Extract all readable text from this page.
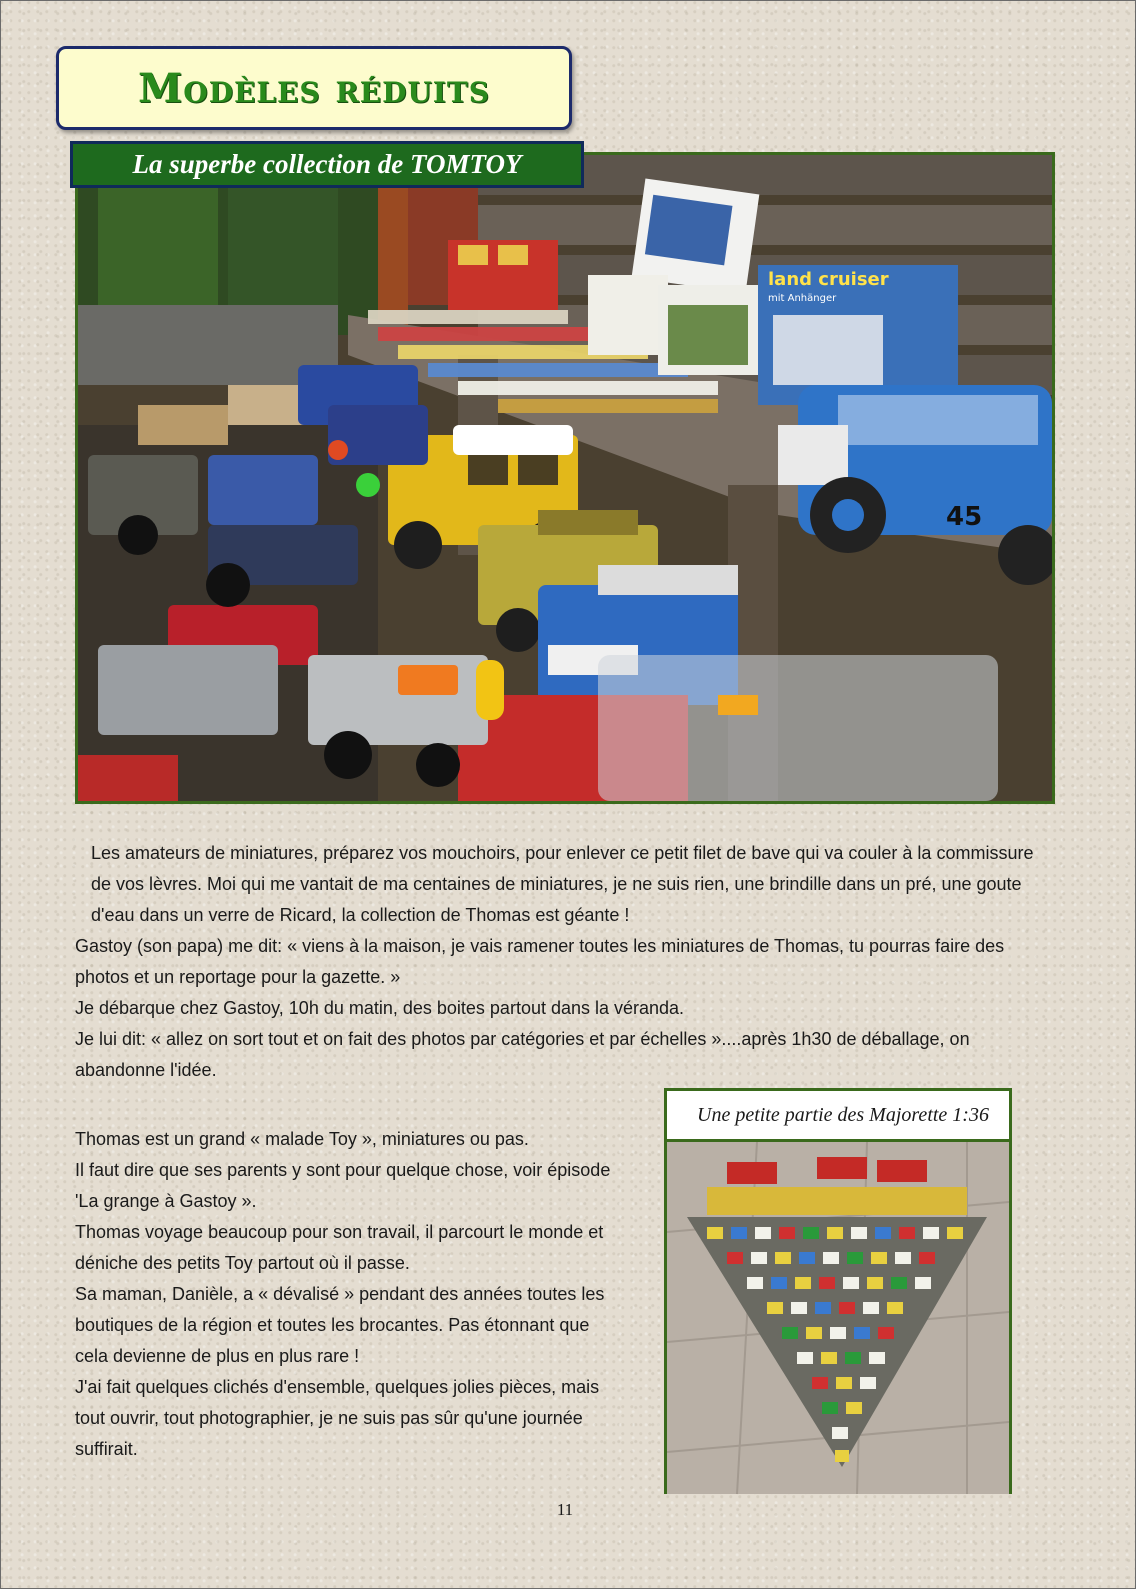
Modèles réduits
La superbe collection de TOMTOY
land cruiser
mit Anhänger
45

Les amateurs de miniatures, préparez vos mouchoirs, pour enlever ce petit filet de bave qui va couler à la commissure de vos lèvres. Moi qui me vantait de ma centaines de miniatures, je ne suis rien, une brindille dans un pré, une goute d'eau dans un verre de Ricard, la collection de Thomas est géante !

Gastoy (son papa) me dit: « viens à la maison, je vais ramener toutes les miniatures de Thomas, tu pourras faire des photos et un reportage pour la gazette. »

Je débarque chez Gastoy, 10h du matin, des boites partout dans la véranda.

Je lui dit: « allez on sort tout et on fait des photos par catégories et par échelles »....après 1h30 de déballage, on abandonne l'idée.

Thomas est un grand « malade Toy », miniatures ou pas.

Il faut dire que ses parents y sont pour quelque chose, voir épisode 'La grange à Gastoy ».

Thomas voyage beaucoup pour son travail, il parcourt le monde et déniche des petits Toy partout où il passe.

Sa maman, Danièle, a « dévalisé » pendant des années toutes les boutiques de la région et toutes les brocantes. Pas étonnant que cela devienne de plus en plus rare !

J'ai fait quelques clichés d'ensemble, quelques jolies pièces, mais tout ouvrir, tout photographier, je ne suis pas sûr qu'une journée suffirait.

Une petite partie des Majorette 1:36
11
